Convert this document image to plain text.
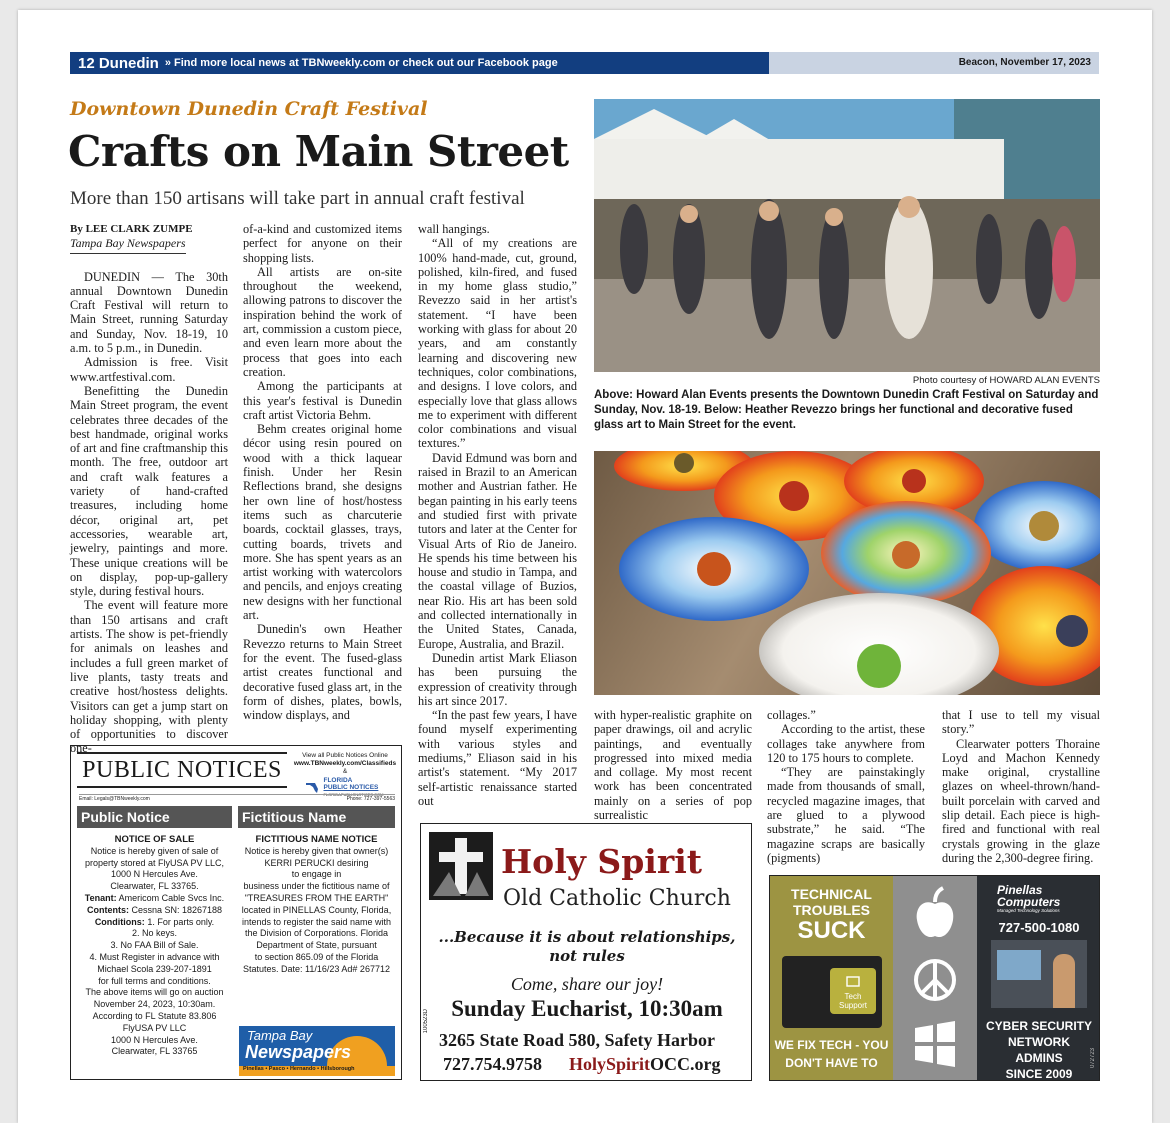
12 Dunedin » Find more local news at TBNweekly.com or check out our Facebook page	Beacon, November 17, 2023
Downtown Dunedin Craft Festival
Crafts on Main Street
More than 150 artisans will take part in annual craft festival

By LEE CLARK ZUMPE

Tampa Bay Newspapers

DUNEDIN — The 30th annual Downtown Dunedin Craft Festival will return to Main Street, running Saturday and Sunday, Nov. 18-19, 10 a.m. to 5 p.m., in Dunedin.

Admission is free. Visit www.artfestival.com.

Benefitting the Dunedin Main Street program, the event celebrates three decades of the best handmade, original works of art and fine craftmanship this month. The free, outdoor art and craft walk features a variety of hand-crafted treasures, including home décor, original art, pet accessories, wearable art, jewelry, paintings and more. These unique creations will be on display, pop-up-gallery style, during festival hours.

The event will feature more than 150 artisans and craft artists. The show is pet-friendly for animals on leashes and includes a full green market of live plants, tasty treats and creative host/hostess delights. Visitors can get a jump start on holiday shopping, with plenty of opportunities to discover one-

of-a-kind and customized items perfect for anyone on their shopping lists.

All artists are on-site throughout the weekend, allowing patrons to discover the inspiration behind the work of art, commission a custom piece, and even learn more about the process that goes into each creation.

Among the participants at this year's festival is Dunedin craft artist Victoria Behm.

Behm creates original home décor using resin poured on wood with a thick laquear finish. Under her Resin Reflections brand, she designs her own line of host/hostess items such as charcuterie boards, cocktail glasses, trays, cutting boards, trivets and more. She has spent years as an artist working with watercolors and pencils, and enjoys creating new designs with her functional art.

Dunedin's own Heather Revezzo returns to Main Street for the event. The fused-glass artist creates functional and decorative fused glass art, in the form of dishes, plates, bowls, window displays, and

wall hangings.

“All of my creations are 100% hand-made, cut, ground, polished, kiln-fired, and fused in my home glass studio,” Revezzo said in her artist's statement. “I have been working with glass for about 20 years, and am constantly learning and discovering new techniques, color combinations, and designs. I love colors, and especially love that glass allows me to experiment with different color combinations and visual textures.”

David Edmund was born and raised in Brazil to an American mother and Austrian father. He began painting in his early teens and studied first with private tutors and later at the Center for Visual Arts of Rio de Janeiro. He spends his time between his house and studio in Tampa, and the coastal village of Buzios, near Rio. His art has been sold and collected internationally in the United States, Canada, Europe, Australia, and Brazil.

Dunedin artist Mark Eliason has been pursuing the expression of creativity through his art since 2017.

“In the past few years, I have found myself experimenting with various styles and mediums,” Eliason said in his artist's statement. “My 2017 self-artistic renaissance started out

Photo courtesy of HOWARD ALAN EVENTS
Above: Howard Alan Events presents the Downtown Dunedin Craft Festival on Saturday and Sunday, Nov. 18-19. Below: Heather Revezzo brings her functional and decorative fused glass art to Main Street for the event.

with hyper-realistic graphite on paper drawings, oil and acrylic paintings, and eventually progressed into mixed media and collage. My most recent work has been concentrated mainly on a series of pop surrealistic

collages.”

According to the artist, these collages take anywhere from 120 to 175 hours to complete.

“They are painstakingly made from thousands of small, recycled magazine images, that are glued to a plywood substrate,” he said. “The magazine scraps are basically (pigments)

that I use to tell my visual story.”

Clearwater potters Thoraine Loyd and Machon Kennedy make original, crystalline glazes on wheel-thrown/hand-built porcelain with carved and slip detail. Each piece is high-fired and functional with real crystals growing in the glaze during the 2,300-degree firing.

PUBLIC NOTICES
View all Public Notices Online
www.TBNweekly.com/Classifieds
&
FLORIDA
PUBLIC NOTICES
FLORIDAPUBLICNOTICES.COM
Email: Legals@TBNweekly.com	Phone: 727-397-5563
Public Notice	Fictitious Name
NOTICE OF SALE
Notice is hereby given of sale of
property stored at FlyUSA PV LLC,
1000 N Hercules Ave.
Clearwater, FL 33765.
Tenant: Americom Cable Svcs Inc.
Contents: Cessna SN: 18267188
Conditions: 1. For parts only.
2. No keys.
3. No FAA Bill of Sale.
4. Must Register in advance with
Michael Scola 239-207-1891
for full terms and conditions.
The above items will go on auction
November 24, 2023, 10:30am.
According to FL Statute 83.806
FlyUSA PV LLC
1000 N Hercules Ave.
Clearwater, FL 33765
FICTITIOUS NAME NOTICE
Notice is hereby given that owner(s)
KERRI PERUCKI desiring
to engage in
business under the fictitious name of
"TREASURES FROM THE EARTH"
located in PINELLAS County, Florida,
intends to register the said name with
the Division of Corporations. Florida
Department of State, pursuant
to section 865.09 of the Florida
Statutes. Date: 11/16/23 Ad# 267712
Tampa Bay
Newspapers
Pinellas • Pasco • Hernando • Hillsborough
Holy Spirit
Old Catholic Church
...Because it is about relationships,
not rules
Come, share our joy!
Sunday Eucharist, 10:30am
3265 State Road 580, Safety Harbor
727.754.9758 HolySpiritOCC.org
100523D
TECHNICAL
TROUBLES
SUCK
Tech Support
WE FIX TECH - YOU
DON'T HAVE TO
Pinellas
Computers
Managed Technology Solutions
727-500-1080
CYBER SECURITY
NETWORK
ADMINS
SINCE 2009
072723
